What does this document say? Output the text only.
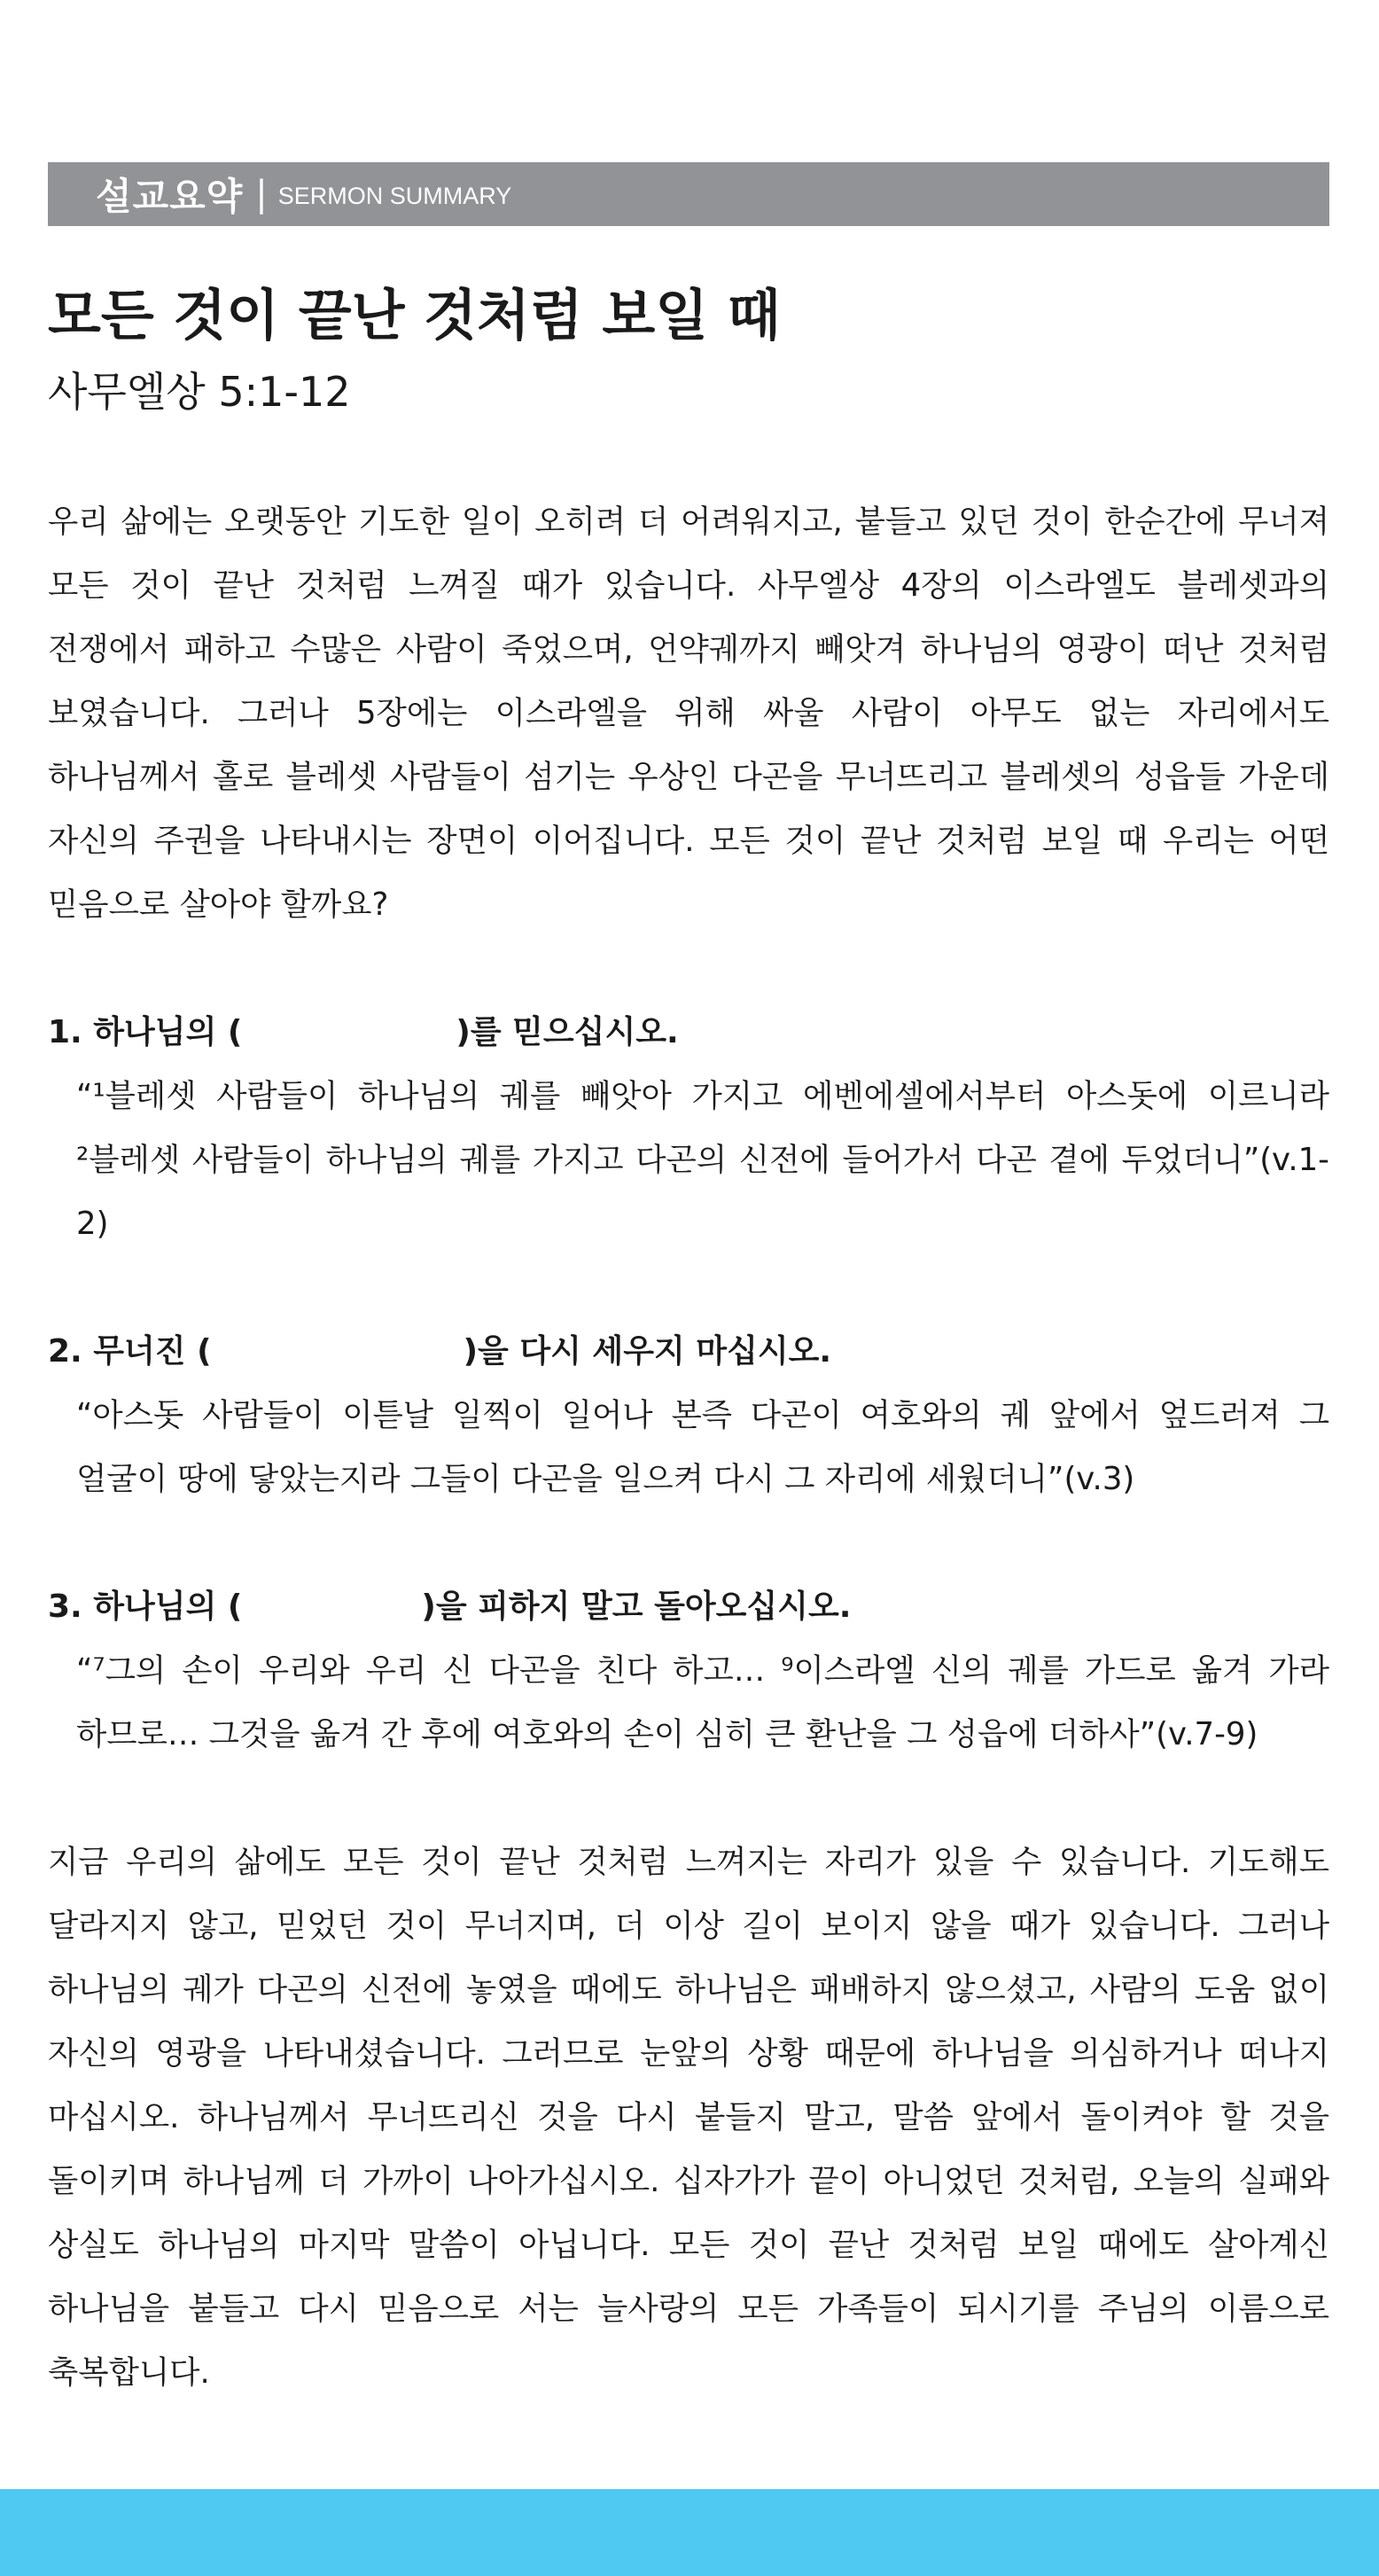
설교요약 | SERMON SUMMARY
모든 것이 끝난 것처럼 보일 때
사무엘상 5:1-12

우리 삶에는 오랫동안 기도한 일이 오히려 더 어려워지고, 붙들고 있던 것이 한순간에 무너져 모든 것이 끝난 것처럼 느껴질 때가 있습니다. 사무엘상 4장의 이스라엘도 블레셋과의 전쟁에서 패하고 수많은 사람이 죽었으며, 언약궤까지 빼앗겨 하나님의 영광이 떠난 것처럼 보였습니다. 그러나 5장에는 이스라엘을 위해 싸울 사람이 아무도 없는 자리에서도 하나님께서 홀로 블레셋 사람들이 섬기는 우상인 다곤을 무너뜨리고 블레셋의 성읍들 가운데 자신의 주권을 나타내시는 장면이 이어집니다. 모든 것이 끝난 것처럼 보일 때 우리는 어떤 믿음으로 살아야 할까요?

1. 하나님의 (	)를 믿으십시오.

“¹블레셋 사람들이 하나님의 궤를 빼앗아 가지고 에벤에셀에서부터 아스돗에 이르니라 ²블레셋 사람들이 하나님의 궤를 가지고 다곤의 신전에 들어가서 다곤 곁에 두었더니”(v.1-2)

2. 무너진 (	)을 다시 세우지 마십시오.

“아스돗 사람들이 이튿날 일찍이 일어나 본즉 다곤이 여호와의 궤 앞에서 엎드러져 그 얼굴이 땅에 닿았는지라 그들이 다곤을 일으켜 다시 그 자리에 세웠더니”(v.3)

3. 하나님의 (	)을 피하지 말고 돌아오십시오.

“⁷그의 손이 우리와 우리 신 다곤을 친다 하고… ⁹이스라엘 신의 궤를 가드로 옮겨 가라 하므로… 그것을 옮겨 간 후에 여호와의 손이 심히 큰 환난을 그 성읍에 더하사”(v.7-9)

지금 우리의 삶에도 모든 것이 끝난 것처럼 느껴지는 자리가 있을 수 있습니다. 기도해도 달라지지 않고, 믿었던 것이 무너지며, 더 이상 길이 보이지 않을 때가 있습니다. 그러나 하나님의 궤가 다곤의 신전에 놓였을 때에도 하나님은 패배하지 않으셨고, 사람의 도움 없이 자신의 영광을 나타내셨습니다. 그러므로 눈앞의 상황 때문에 하나님을 의심하거나 떠나지 마십시오. 하나님께서 무너뜨리신 것을 다시 붙들지 말고, 말씀 앞에서 돌이켜야 할 것을 돌이키며 하나님께 더 가까이 나아가십시오. 십자가가 끝이 아니었던 것처럼, 오늘의 실패와 상실도 하나님의 마지막 말씀이 아닙니다. 모든 것이 끝난 것처럼 보일 때에도 살아계신 하나님을 붙들고 다시 믿음으로 서는 늘사랑의 모든 가족들이 되시기를 주님의 이름으로 축복합니다.
